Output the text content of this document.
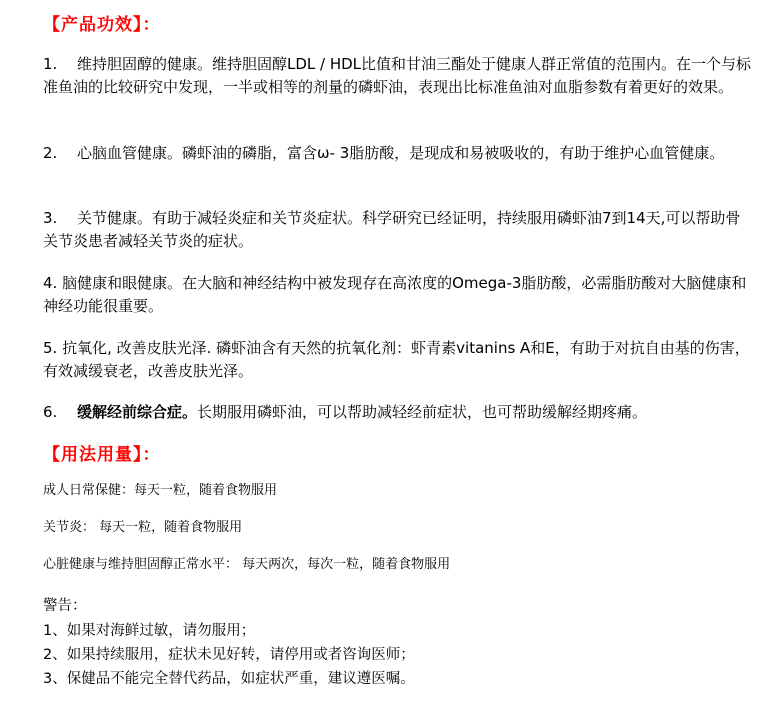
【产品功效】：
1. 维持胆固醇的健康。维持胆固醇LDL / HDL比值和甘油三酯处于健康人群正常值的范围内。在一个与标准鱼油的比较研究中发现，一半或相等的剂量的磷虾油，表现出比标准鱼油对血脂参数有着更好的效果。
2. 心脑血管健康。磷虾油的磷脂，富含ω- 3脂肪酸，是现成和易被吸收的，有助于维护心血管健康。
3. 关节健康。有助于减轻炎症和关节炎症状。科学研究已经证明，持续服用磷虾油7到14天,可以帮助骨关节炎患者减轻关节炎的症状。
4. 脑健康和眼健康。在大脑和神经结构中被发现存在高浓度的Omega-3脂肪酸，必需脂肪酸对大脑健康和神经功能很重要。
5. 抗氧化, 改善皮肤光泽. 磷虾油含有天然的抗氧化剂：虾青素vitanins A和E，有助于对抗自由基的伤害，有效减缓衰老，改善皮肤光泽。
6. 缓解经前综合症。长期服用磷虾油，可以帮助减轻经前症状，也可帮助缓解经期疼痛。
【用法用量】：
成人日常保健：每天一粒，随着食物服用
关节炎： 每天一粒，随着食物服用
心脏健康与维持胆固醇正常水平： 每天两次，每次一粒，随着食物服用
警告：
1、如果对海鲜过敏，请勿服用；
2、如果持续服用，症状未见好转，请停用或者咨询医师；
3、保健品不能完全替代药品，如症状严重，建议遵医嘱。
